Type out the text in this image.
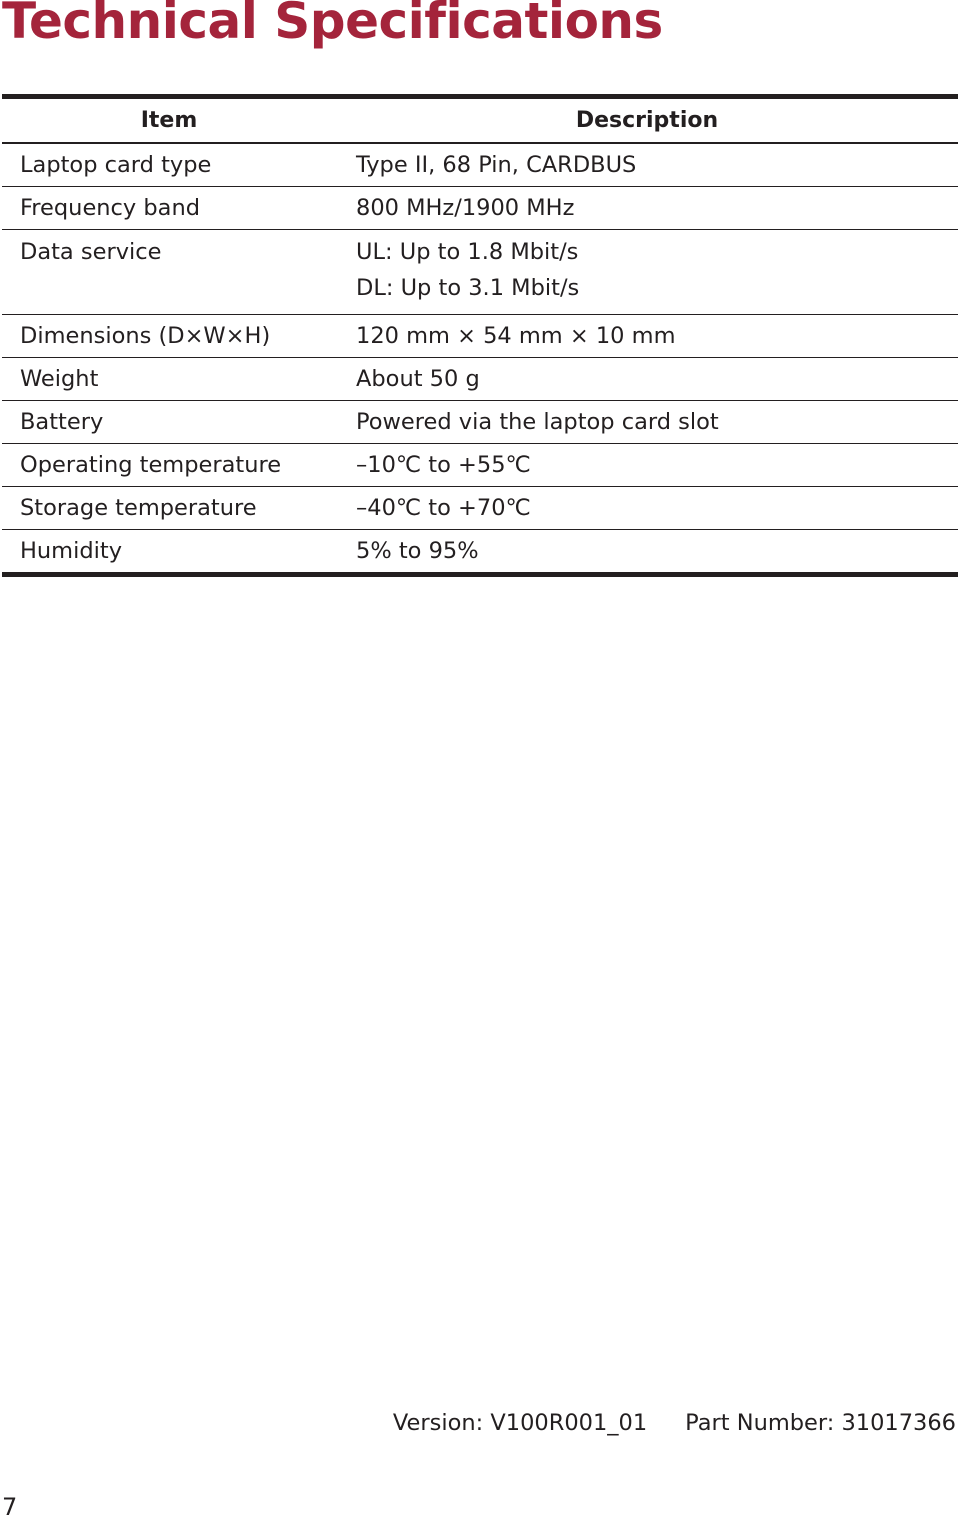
Technical Specifications
Item	Description
Laptop card type	Type II, 68 Pin, CARDBUS
Frequency band	800 MHz/1900 MHz

Data service	UL: Up to 1.8 Mbit/s
DL: Up to 3.1 Mbit/s

Dimensions (D×W×H)	120 mm × 54 mm × 10 mm
Weight	About 50 g
Battery	Powered via the laptop card slot
Operating temperature	–10℃ to +55℃
Storage temperature	–40℃ to +70℃
Humidity	5% to 95%
Version: V100R001_01 Part Number: 31017366
7
